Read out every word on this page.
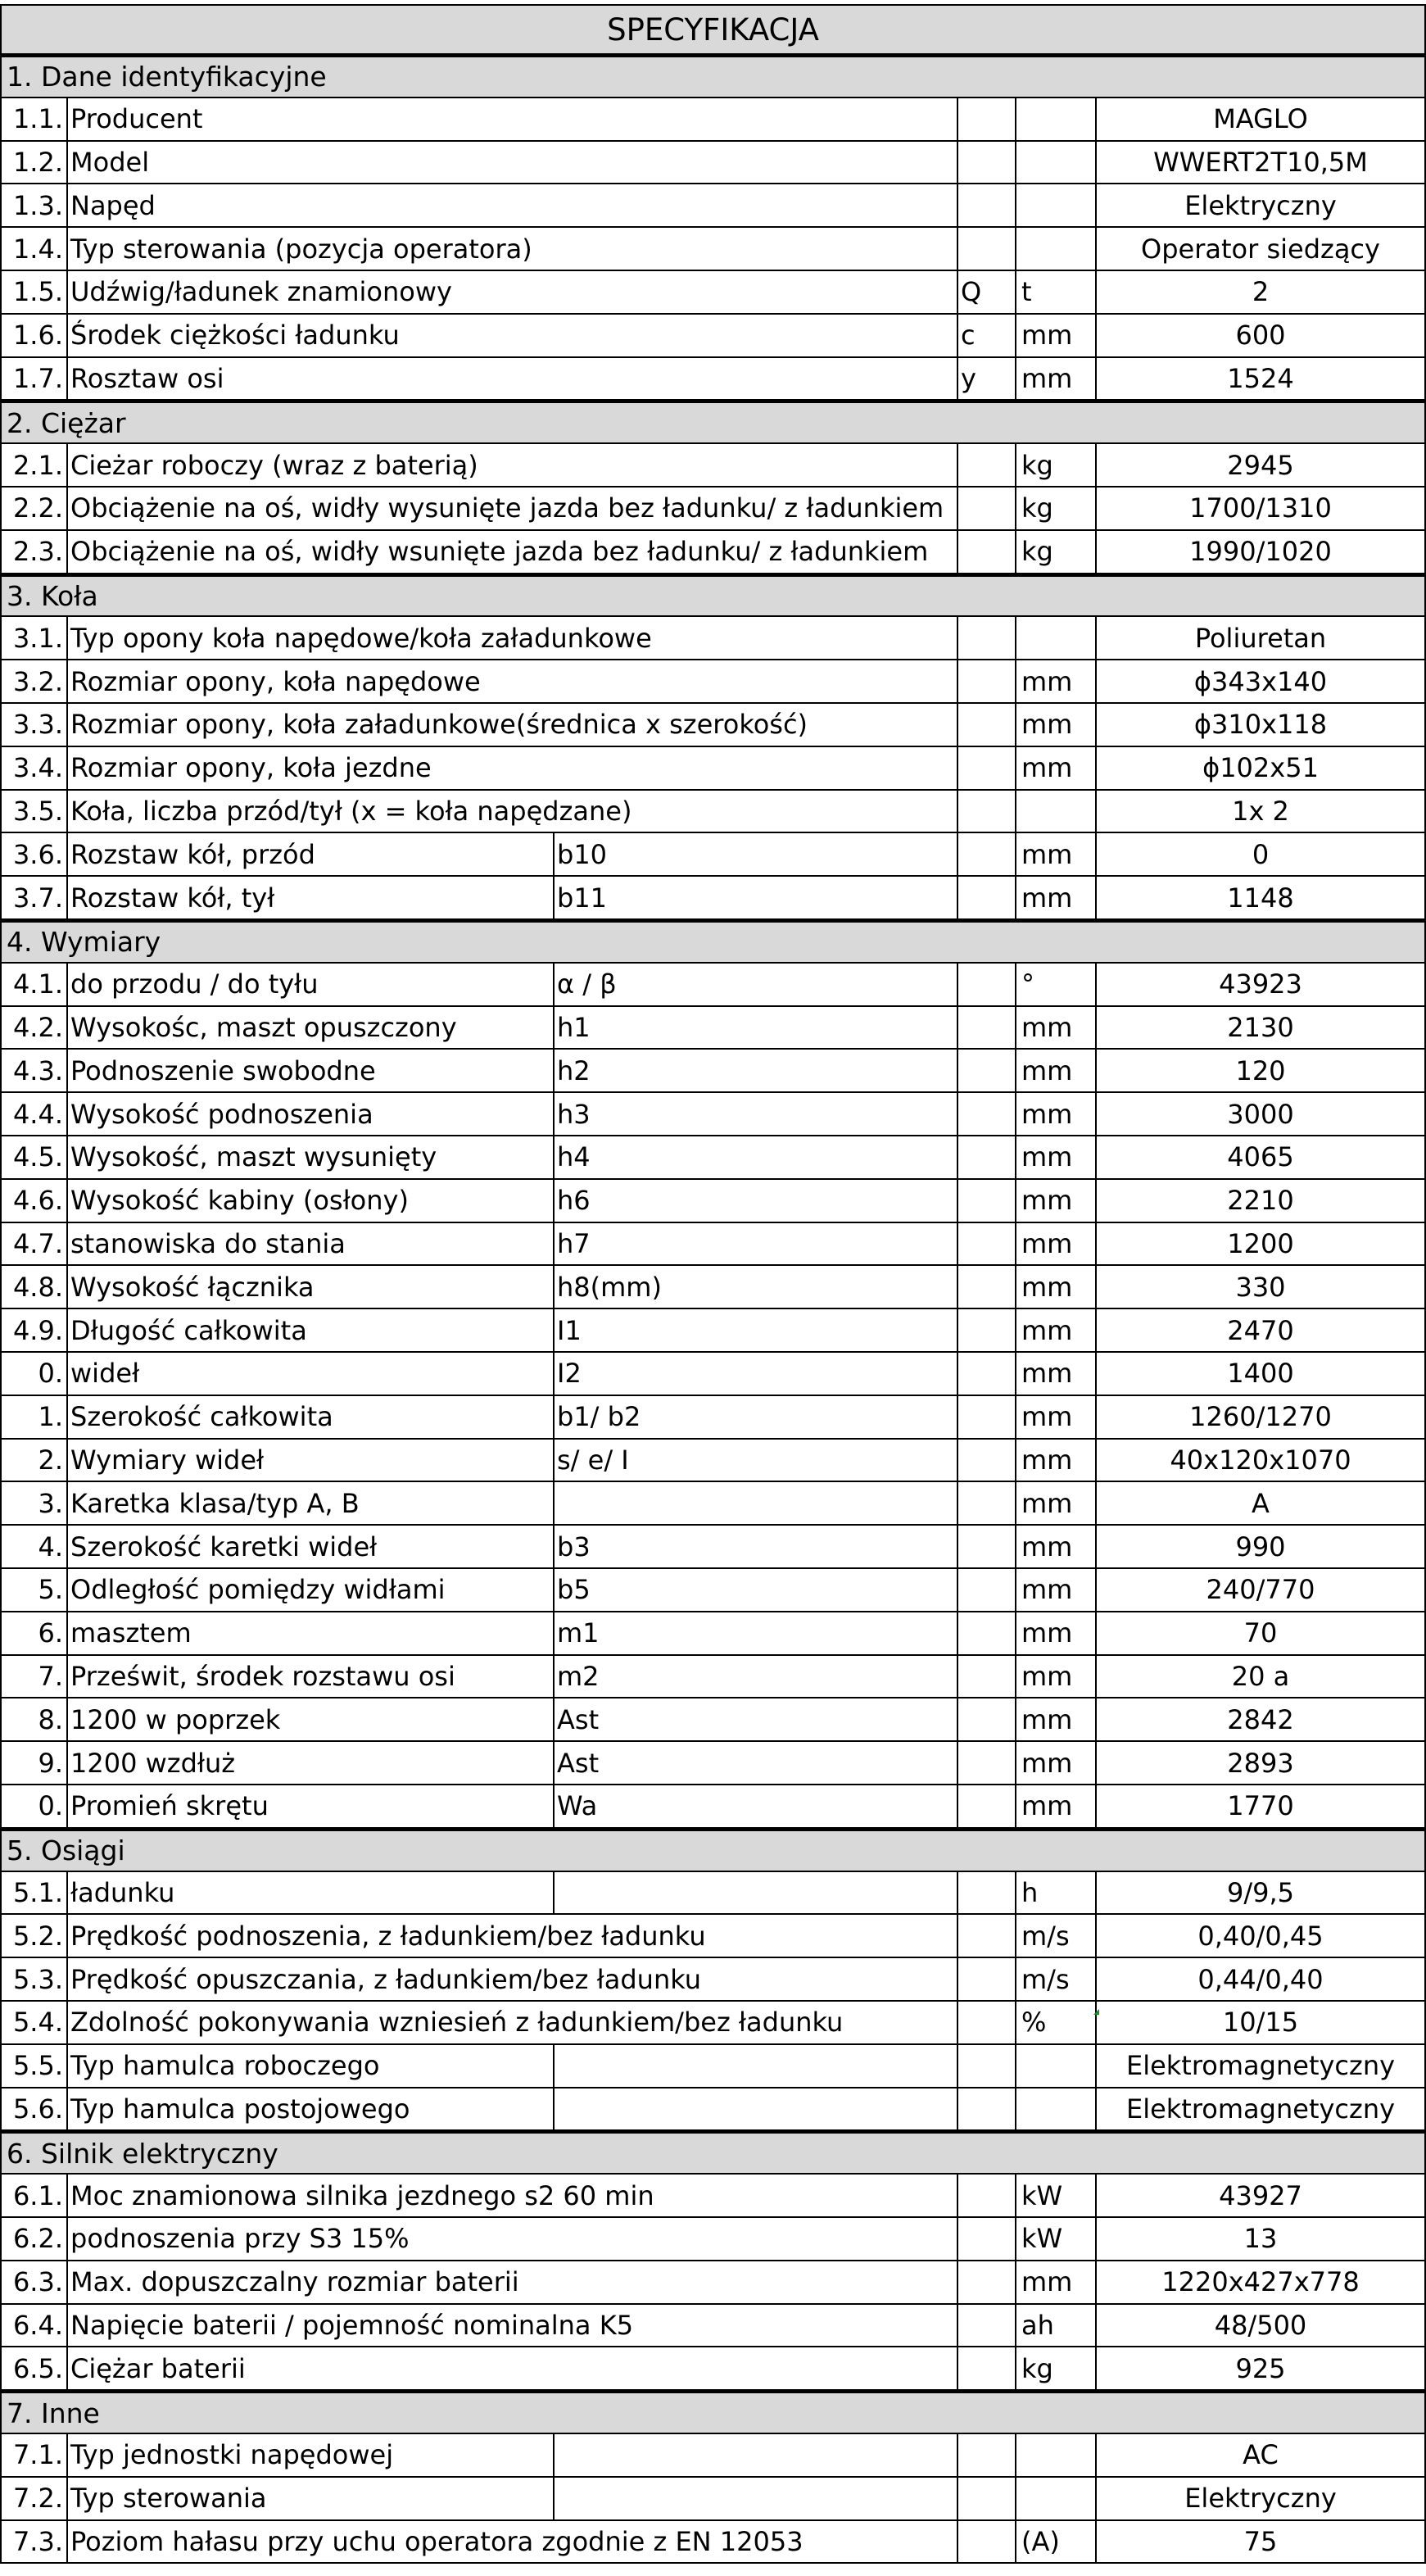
SPECYFIKACJA
1. Dane identyfikacyjne
1.1. Producent	MAGLO
1.2. Model	WWERT2T10,5M
1.3. Napęd	Elektryczny
1.4. Typ sterowania (pozycja operatora)	Operator siedzący
1.5. Udźwig/ładunek znamionowy	Q	t	2
1.6. Środek ciężkości ładunku	c	mm	600
1.7. Rosztaw osi	y	mm	1524
2. Ciężar
2.1. Cieżar roboczy (wraz z baterią)	kg	2945
2.2. Obciążenie na oś, widły wysunięte jazda bez ładunku/ z ładunkiem	kg	1700/1310
2.3. Obciążenie na oś, widły wsunięte jazda bez ładunku/ z ładunkiem	kg	1990/1020
3. Koła
3.1. Typ opony koła napędowe/koła załadunkowe	Poliuretan
3.2. Rozmiar opony, koła napędowe	mm	ϕ343x140
3.3. Rozmiar opony, koła załadunkowe(średnica x szerokość)	mm	ϕ310x118
3.4. Rozmiar opony, koła jezdne	mm	ϕ102x51
3.5. Koła, liczba przód/tył (x = koła napędzane)	1x 2
3.6. Rozstaw kół, przód	b10	mm	0
3.7. Rozstaw kół, tył	b11	mm	1148
4. Wymiary
4.1. do przodu / do tyłu	α / β	°	43923
4.2. Wysokośc, maszt opuszczony	h1	mm	2130
4.3. Podnoszenie swobodne	h2	mm	120
4.4. Wysokość podnoszenia	h3	mm	3000
4.5. Wysokość, maszt wysunięty	h4	mm	4065
4.6. Wysokość kabiny (osłony)	h6	mm	2210
4.7. stanowiska do stania	h7	mm	1200
4.8. Wysokość łącznika	h8(mm)	mm	330
4.9. Długość całkowita	I1	mm	2470
0. wideł	I2	mm	1400
1. Szerokość całkowita	b1/ b2	mm	1260/1270
2. Wymiary wideł	s/ e/ I	mm	40x120x1070
3. Karetka klasa/typ A, B	mm	A
4. Szerokość karetki wideł	b3	mm	990
5. Odległość pomiędzy widłami	b5	mm	240/770
6. masztem	m1	mm	70
7. Prześwit, środek rozstawu osi	m2	mm	20 a
8. 1200 w poprzek	Ast	mm	2842
9. 1200 wzdłuż	Ast	mm	2893
0. Promień skrętu	Wa	mm	1770
5. Osiągi
5.1. ładunku	h	9/9,5
5.2. Prędkość podnoszenia, z ładunkiem/bez ładunku	m/s	0,40/0,45
5.3. Prędkość opuszczania, z ładunkiem/bez ładunku	m/s	0,44/0,40
5.4. Zdolność pokonywania wzniesień z ładunkiem/bez ładunku	%	10/15
5.5. Typ hamulca roboczego	Elektromagnetyczny
5.6. Typ hamulca postojowego	Elektromagnetyczny
6. Silnik elektryczny
6.1. Moc znamionowa silnika jezdnego s2 60 min	kW	43927
6.2. podnoszenia przy S3 15%	kW	13
6.3. Max. dopuszczalny rozmiar baterii	mm	1220x427x778
6.4. Napięcie baterii / pojemność nominalna K5	ah	48/500
6.5. Ciężar baterii	kg	925
7. Inne
7.1. Typ jednostki napędowej	AC
7.2. Typ sterowania	Elektryczny
7.3. Poziom hałasu przy uchu operatora zgodnie z EN 12053	(A)	75
